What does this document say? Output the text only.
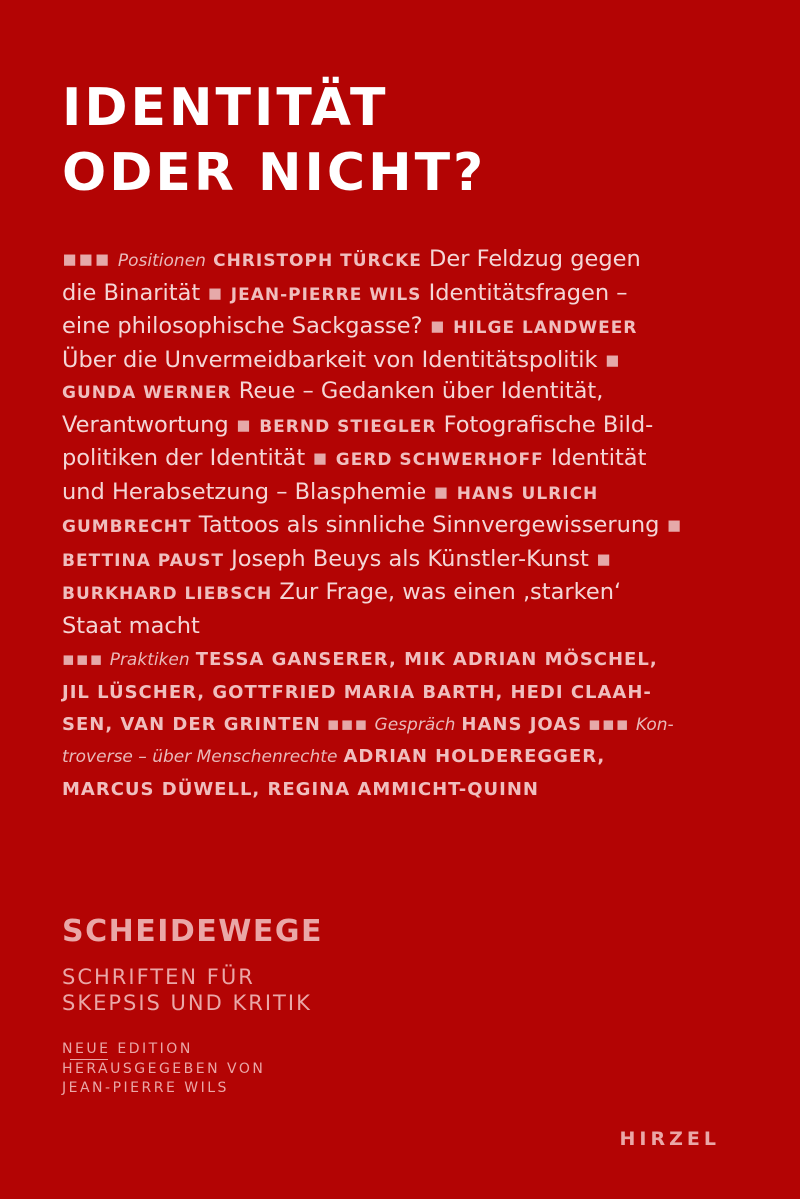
IDENTITÄT
ODER NICHT?
▪▪▪ Positionen CHRISTOPH TÜRCKE Der Feldzug gegen
die Binarität ▪ JEAN-PIERRE WILS Identitätsfragen –
eine philosophische Sackgasse? ▪ HILGE LANDWEER
Über die Unvermeidbarkeit von Identitätspolitik ▪
GUNDA WERNER Reue – Gedanken über Identität,
Verantwortung ▪ BERND STIEGLER Fotografische Bild-
politiken der Identität ▪ GERD SCHWERHOFF Identität
und Herabsetzung – Blasphemie ▪ HANS ULRICH
GUMBRECHT Tattoos als sinnliche Sinnvergewisserung ▪
BETTINA PAUST Joseph Beuys als Künstler-Kunst ▪
BURKHARD LIEBSCH Zur Frage, was einen ‚starken‘
Staat macht
▪▪▪ Praktiken TESSA GANSERER, MIK ADRIAN MÖSCHEL,
JIL LÜSCHER, GOTTFRIED MARIA BARTH, HEDI CLAAH-
SEN, VAN DER GRINTEN ▪▪▪ Gespräch HANS JOAS ▪▪▪ Kon-
troverse – über Menschenrechte ADRIAN HOLDEREGGER,
MARCUS DÜWELL, REGINA AMMICHT-QUINN
SCHEIDEWEGE
SCHRIFTEN FÜR
SKEPSIS UND KRITIK
NEUE EDITION
HERAUSGEGEBEN VON
JEAN-PIERRE WILS
HIRZEL
